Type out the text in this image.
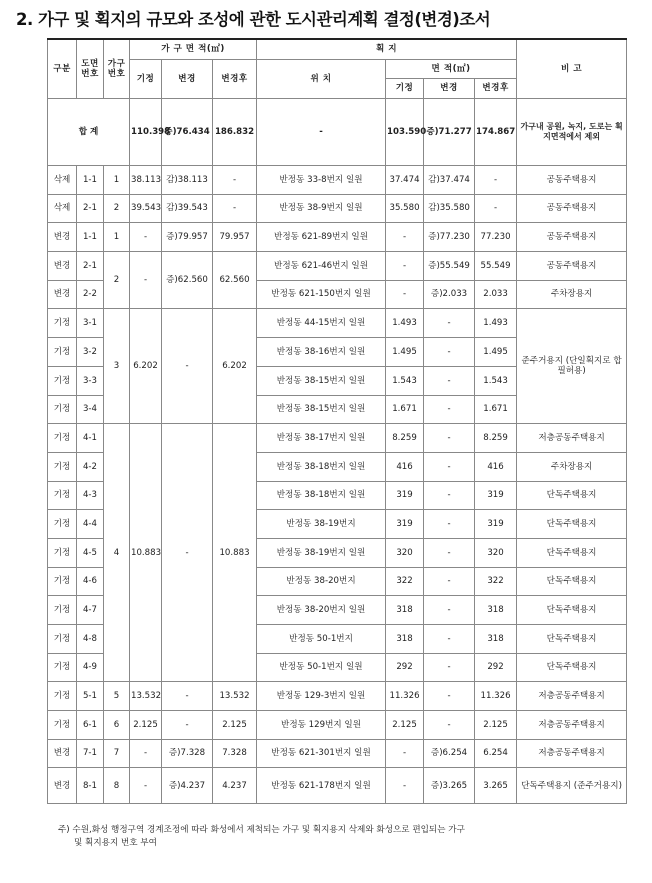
2. 가구 및 획지의 규모와 조성에 관한 도시관리계획 결정(변경)조서
구분	도면번호	가구번호	가 구 면 적(㎡)			획 지				비 고
			기정	변경	변경후	위 치	면 적(㎡)			
							기정	변경	변경후	
합 계			110.398	증)76.434	186.832	-	103.590	증)71.277	174.867	가구내 공원, 녹지, 도로는 획지면적에서 제외
삭제	1-1	1	38.113	감)38.113	-	반정동 33-8번지 일원	37.474	감)37.474	-	공동주택용지
삭제	2-1	2	39.543	감)39.543	-	반정동 38-9번지 일원	35.580	감)35.580	-	공동주택용지
변경	1-1	1	-	증)79.957	79.957	반정동 621-89번지 일원	-	증)77.230	77.230	공동주택용지
변경	2-1	2	-	증)62.560	62.560	반정동 621-46번지 일원	-	증)55.549	55.549	공동주택용지
변경	2-2					반정동 621-150번지 일원	-	증)2.033	2.033	주차장용지
기정	3-1	3	6.202	-	6.202	반정동 44-15번지 일원	1.493	-	1.493	준주거용지 (단일획지로 합필허용)
기정	3-2					반정동 38-16번지 일원	1.495	-	1.495	
기정	3-3					반정동 38-15번지 일원	1.543	-	1.543	
기정	3-4					반정동 38-15번지 일원	1.671	-	1.671	
기정	4-1	4	10.883	-	10.883	반정동 38-17번지 일원	8.259	-	8.259	저층공동주택용지
기정	4-2					반정동 38-18번지 일원	416	-	416	주차장용지
기정	4-3					반정동 38-18번지 일원	319	-	319	단독주택용지
기정	4-4					반정동 38-19번지	319	-	319	단독주택용지
기정	4-5					반정동 38-19번지 일원	320	-	320	단독주택용지
기정	4-6					반정동 38-20번지	322	-	322	단독주택용지
기정	4-7					반정동 38-20번지 일원	318	-	318	단독주택용지
기정	4-8					반정동 50-1번지	318	-	318	단독주택용지
기정	4-9					반정동 50-1번지 일원	292	-	292	단독주택용지
기정	5-1	5	13.532	-	13.532	반정동 129-3번지 일원	11.326	-	11.326	저층공동주택용지
기정	6-1	6	2.125	-	2.125	반정동 129번지 일원	2.125	-	2.125	저층공동주택용지
변경	7-1	7	-	증)7.328	7.328	반정동 621-301번지 일원	-	증)6.254	6.254	저층공동주택용지
변경	8-1	8	-	증)4.237	4.237	반정동 621-178번지 일원	-	증)3.265	3.265	단독주택용지 (준주거용지)
주) 수원,화성 행정구역 경계조정에 따라 화성에서 제척되는 가구 및 획지용지 삭제와 화성으로 편입되는 가구
및 획지용지 번호 부여
